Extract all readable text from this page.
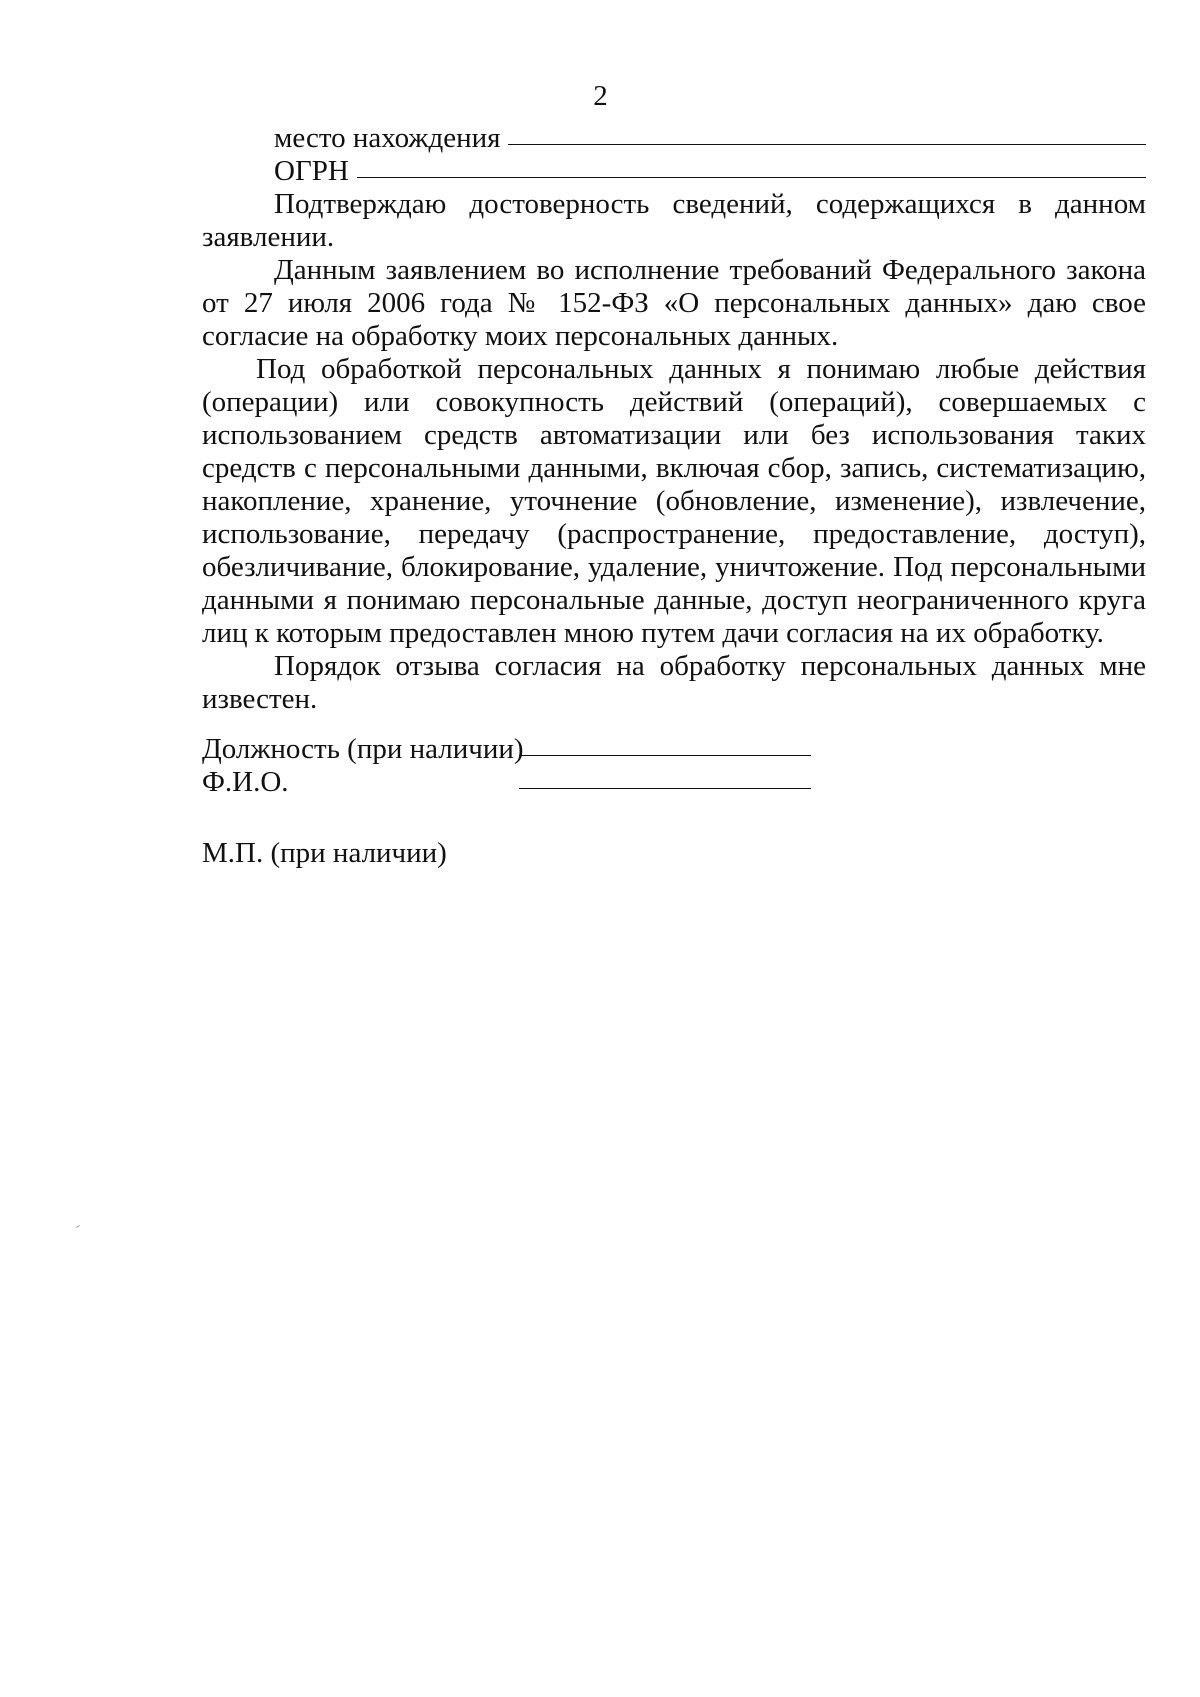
2
место нахождения
ОГРН

Подтверждаю достоверность сведений, содержащихся в данном заявлении.

Данным заявлением во исполнение требований Федерального закона от 27 июля 2006 года № 152-ФЗ «О персональных данных» даю свое согласие на обработку моих персональных данных.

Под обработкой персональных данных я понимаю любые действия (операции) или совокупность действий (операций), совершаемых с использованием средств автоматизации или без использования таких средств с персональными данными, включая сбор, запись, систематизацию, накопление, хранение, уточнение (обновление, изменение), извлечение, использование, передачу (распространение, предоставление, доступ), обезличивание, блокирование, удаление, уничтожение. Под персональными данными я понимаю персональные данные, доступ неограниченного круга лиц к которым предоставлен мною путем дачи согласия на их обработку.

Порядок отзыва согласия на обработку персональных данных мне известен.

Должность (при наличии)
Ф.И.О.
М.П. (при наличии)
